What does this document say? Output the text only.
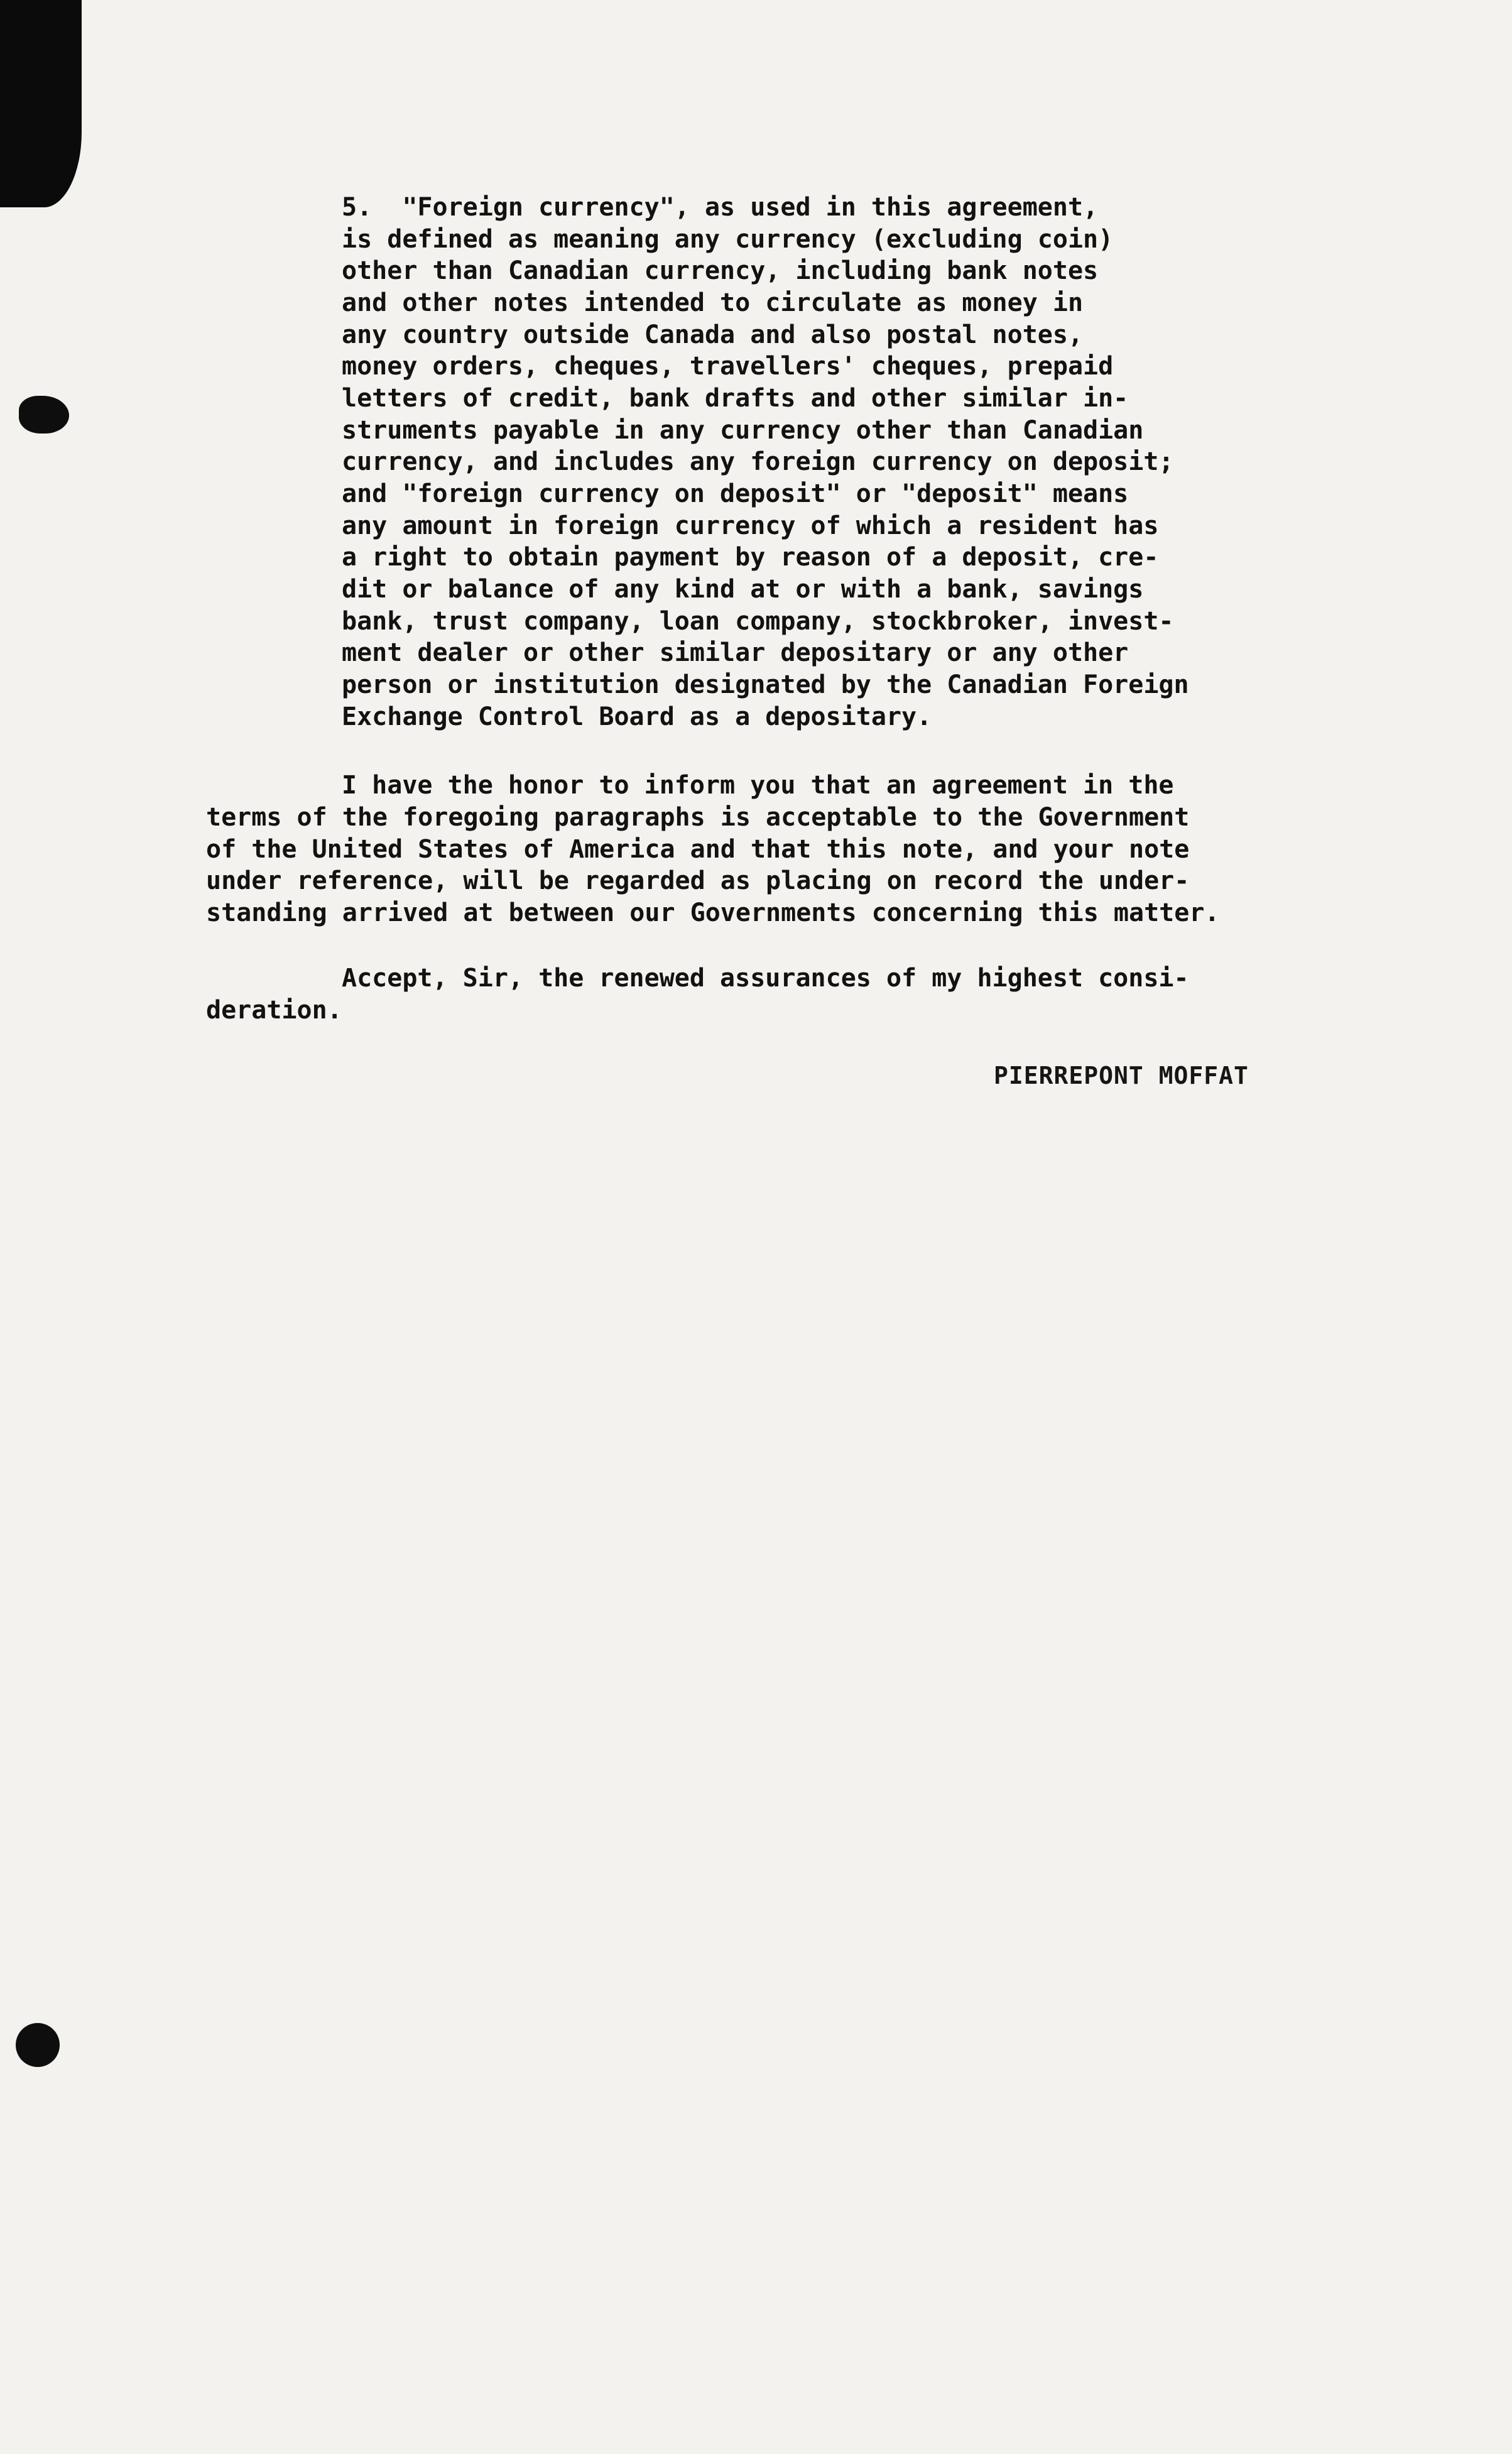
5.  "Foreign currency", as used in this agreement,
is defined as meaning any currency (excluding coin)
other than Canadian currency, including bank notes
and other notes intended to circulate as money in
any country outside Canada and also postal notes,
money orders, cheques, travellers' cheques, prepaid
letters of credit, bank drafts and other similar in-
struments payable in any currency other than Canadian
currency, and includes any foreign currency on deposit;
and "foreign currency on deposit" or "deposit" means
any amount in foreign currency of which a resident has
a right to obtain payment by reason of a deposit, cre-
dit or balance of any kind at or with a bank, savings
bank, trust company, loan company, stockbroker, invest-
ment dealer or other similar depositary or any other
person or institution designated by the Canadian Foreign
Exchange Control Board as a depositary.
I have the honor to inform you that an agreement in the
terms of the foregoing paragraphs is acceptable to the Government
of the United States of America and that this note, and your note
under reference, will be regarded as placing on record the under-
standing arrived at between our Governments concerning this matter.
Accept, Sir, the renewed assurances of my highest consi-
deration.
PIERREPONT MOFFAT
